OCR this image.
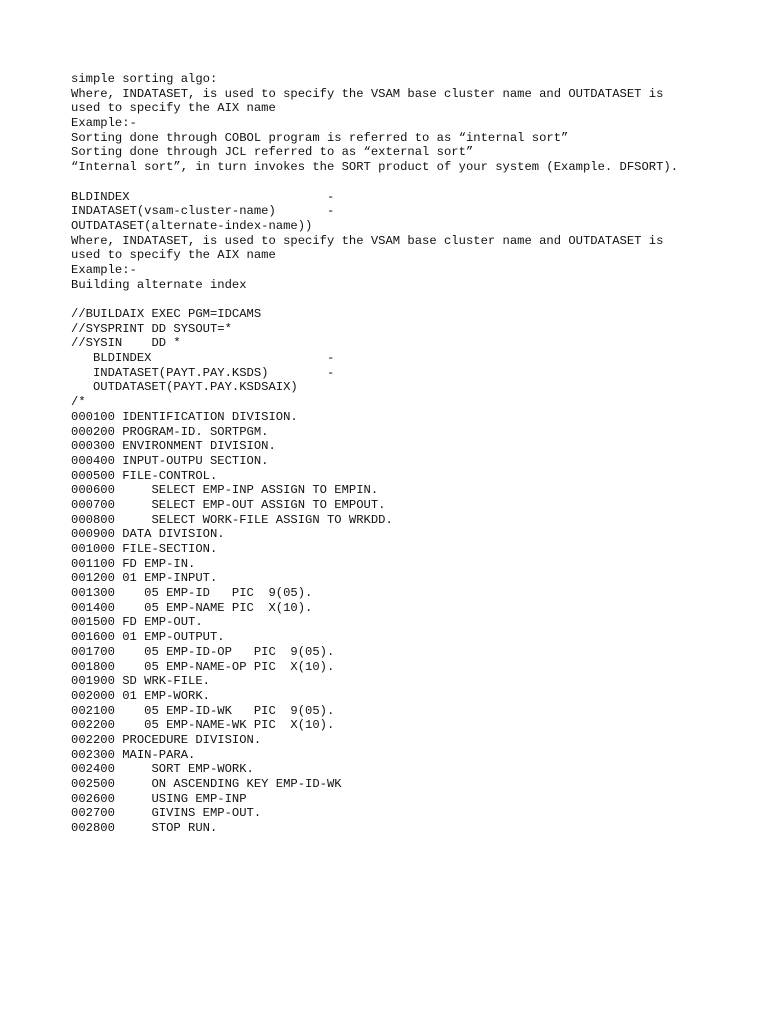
simple sorting algo:
Where, INDATASET, is used to specify the VSAM base cluster name and OUTDATASET is
used to specify the AIX name
Example:-
Sorting done through COBOL program is referred to as “internal sort”
Sorting done through JCL referred to as “external sort”
“Internal sort”, in turn invokes the SORT product of your system (Example. DFSORT).
BLDINDEX                           -
INDATASET(vsam-cluster-name)       -
OUTDATASET(alternate-index-name))
Where, INDATASET, is used to specify the VSAM base cluster name and OUTDATASET is
used to specify the AIX name
Example:-
Building alternate index
//BUILDAIX EXEC PGM=IDCAMS
//SYSPRINT DD SYSOUT=*
//SYSIN    DD *
BLDINDEX                        -
INDATASET(PAYT.PAY.KSDS)        -
OUTDATASET(PAYT.PAY.KSDSAIX)
/*
000100 IDENTIFICATION DIVISION.
000200 PROGRAM-ID. SORTPGM.
000300 ENVIRONMENT DIVISION.
000400 INPUT-OUTPU SECTION.
000500 FILE-CONTROL.
000600     SELECT EMP-INP ASSIGN TO EMPIN.
000700     SELECT EMP-OUT ASSIGN TO EMPOUT.
000800     SELECT WORK-FILE ASSIGN TO WRKDD.
000900 DATA DIVISION.
001000 FILE-SECTION.
001100 FD EMP-IN.
001200 01 EMP-INPUT.
001300    05 EMP-ID   PIC  9(05).
001400    05 EMP-NAME PIC  X(10).
001500 FD EMP-OUT.
001600 01 EMP-OUTPUT.
001700    05 EMP-ID-OP   PIC  9(05).
001800    05 EMP-NAME-OP PIC  X(10).
001900 SD WRK-FILE.
002000 01 EMP-WORK.
002100    05 EMP-ID-WK   PIC  9(05).
002200    05 EMP-NAME-WK PIC  X(10).
002200 PROCEDURE DIVISION.
002300 MAIN-PARA.
002400     SORT EMP-WORK.
002500     ON ASCENDING KEY EMP-ID-WK
002600     USING EMP-INP
002700     GIVINS EMP-OUT.
002800     STOP RUN.
